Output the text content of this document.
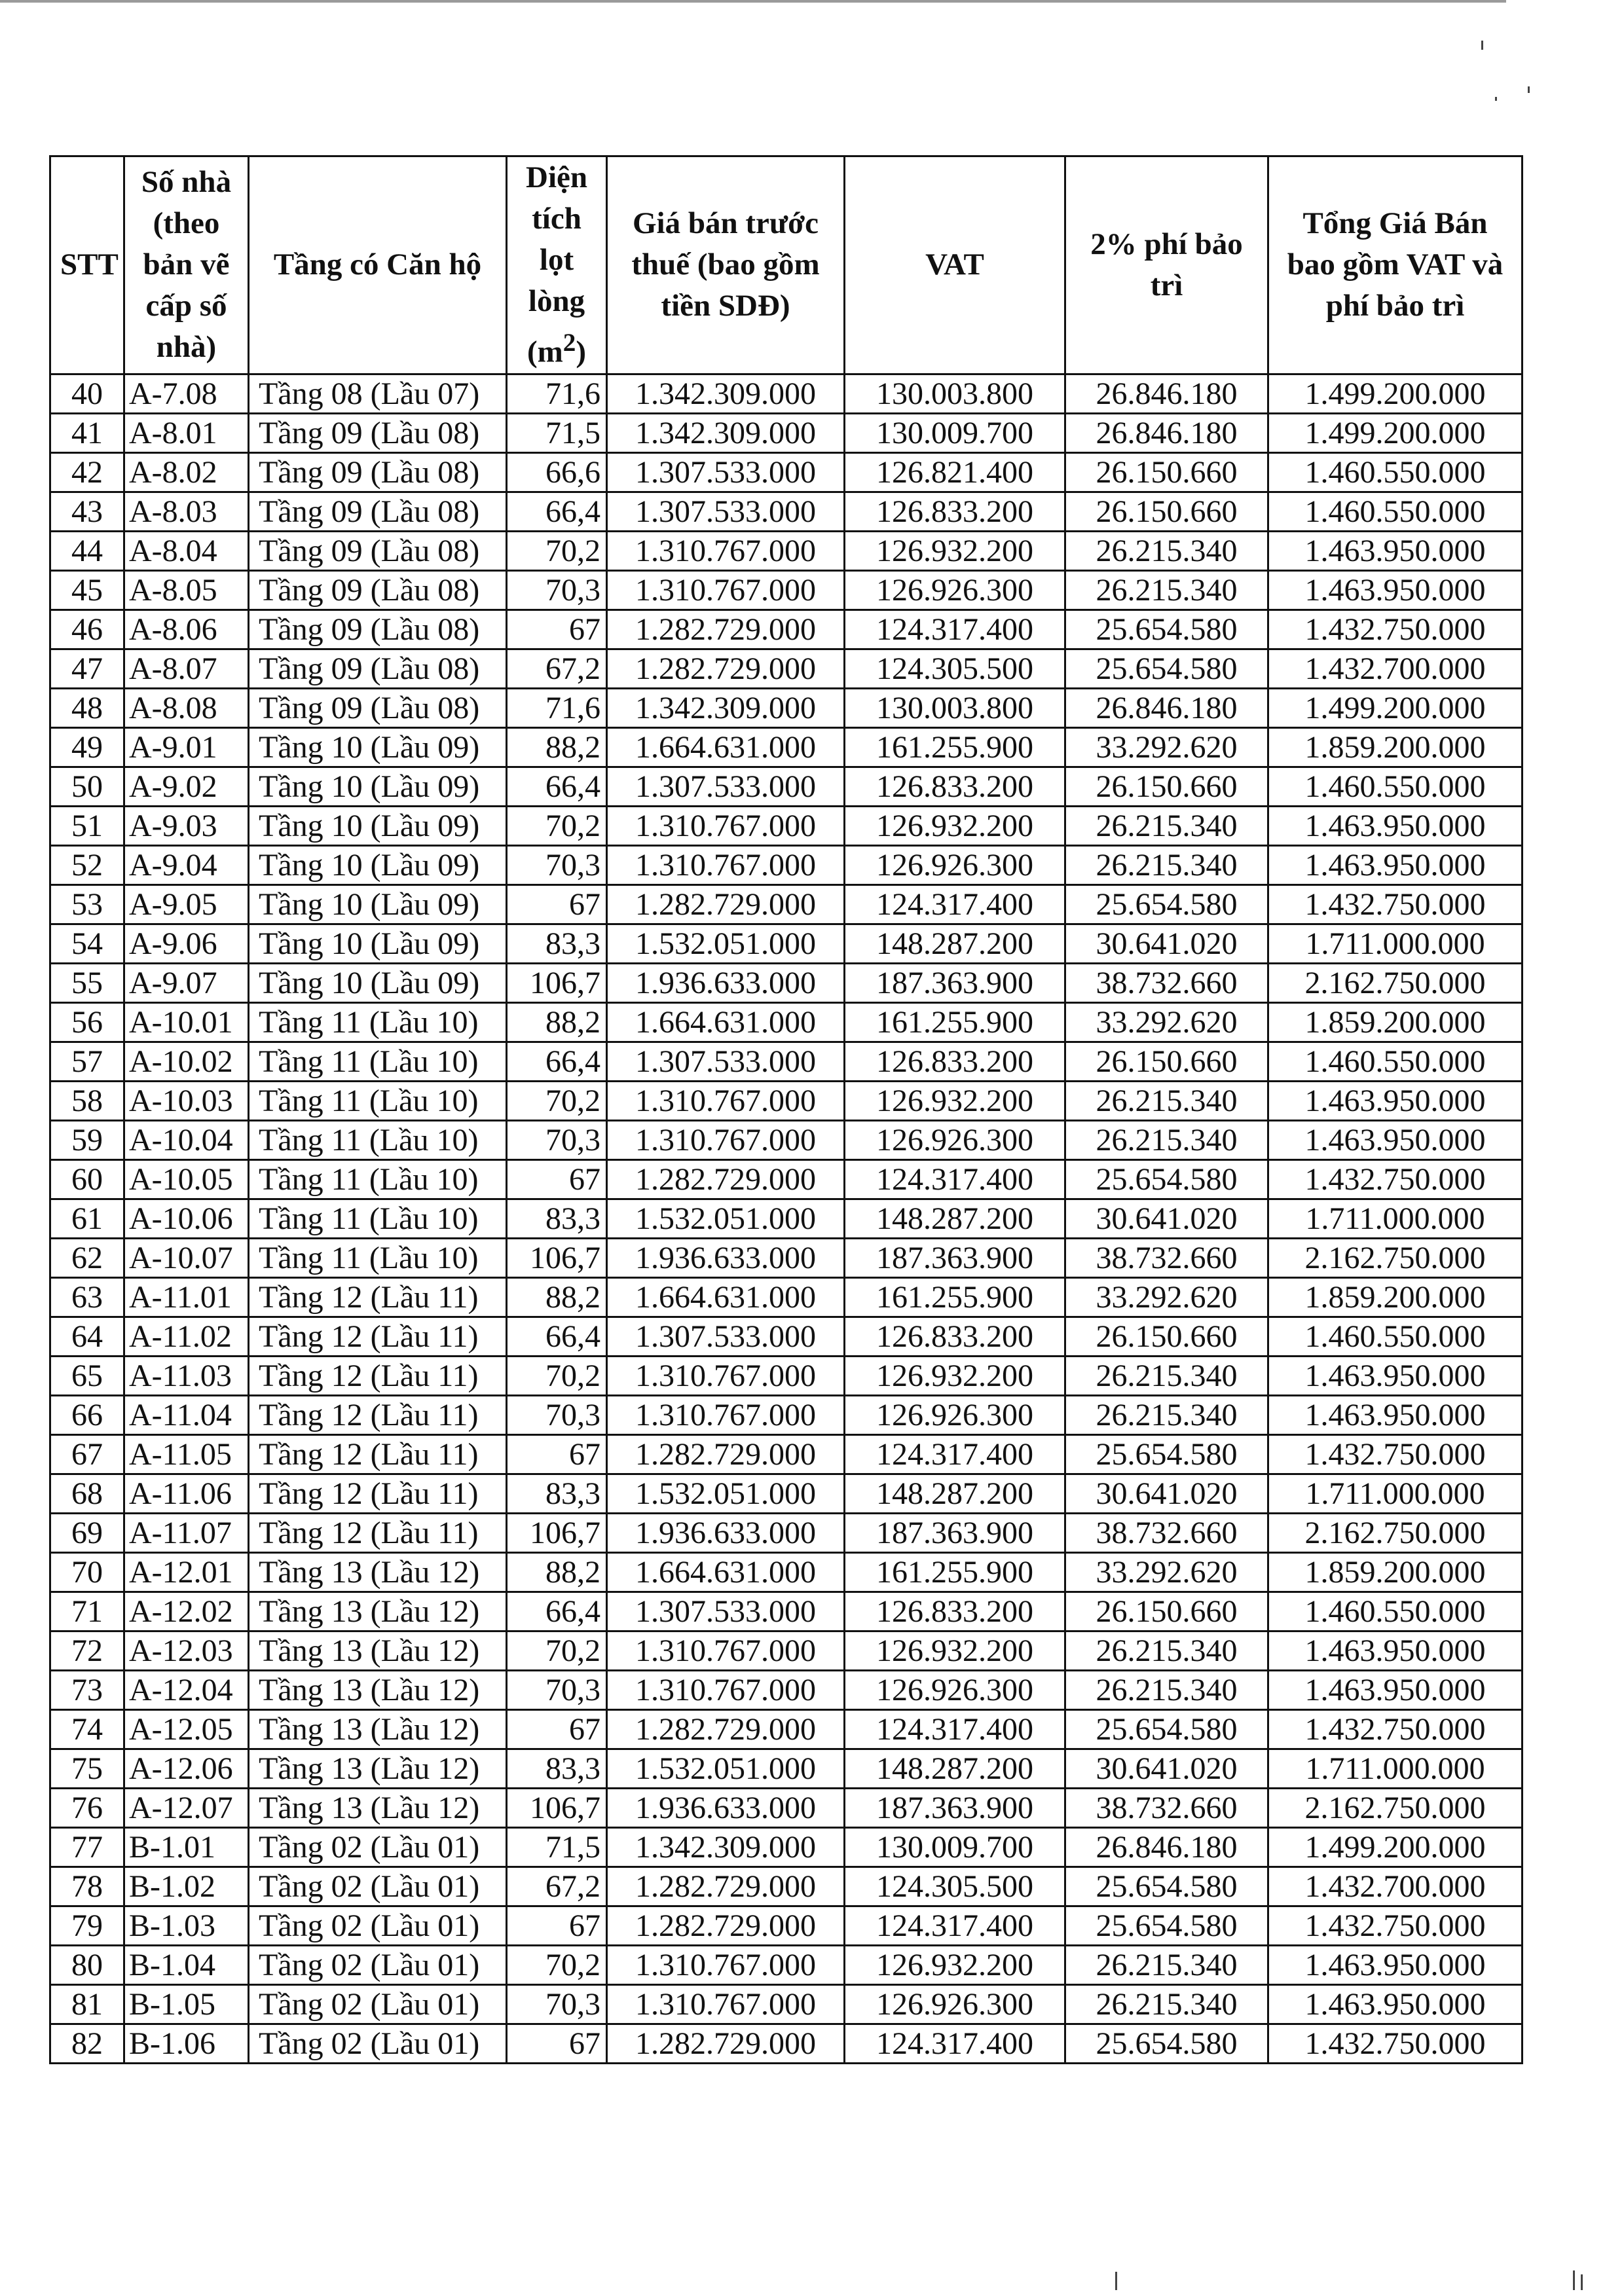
STT	Số nhà (theo bản vẽ cấp số nhà)	Tầng có Căn hộ	Diện tích lọt lòng $(m^2)$	Giá bán trước thuế (bao gồm tiền SDĐ)	VAT	2% phí bảo trì	Tổng Giá Bán bao gồm VAT và phí bảo trì
40	A-7.08	Tầng 08 (Lầu 07)	71,6	1.342.309.000	130.003.800	26.846.180	1.499.200.000
41	A-8.01	Tầng 09 (Lầu 08)	71,5	1.342.309.000	130.009.700	26.846.180	1.499.200.000
42	A-8.02	Tầng 09 (Lầu 08)	66,6	1.307.533.000	126.821.400	26.150.660	1.460.550.000
43	A-8.03	Tầng 09 (Lầu 08)	66,4	1.307.533.000	126.833.200	26.150.660	1.460.550.000
44	A-8.04	Tầng 09 (Lầu 08)	70,2	1.310.767.000	126.932.200	26.215.340	1.463.950.000
45	A-8.05	Tầng 09 (Lầu 08)	70,3	1.310.767.000	126.926.300	26.215.340	1.463.950.000
46	A-8.06	Tầng 09 (Lầu 08)	67	1.282.729.000	124.317.400	25.654.580	1.432.750.000
47	A-8.07	Tầng 09 (Lầu 08)	67,2	1.282.729.000	124.305.500	25.654.580	1.432.700.000
48	A-8.08	Tầng 09 (Lầu 08)	71,6	1.342.309.000	130.003.800	26.846.180	1.499.200.000
49	A-9.01	Tầng 10 (Lầu 09)	88,2	1.664.631.000	161.255.900	33.292.620	1.859.200.000
50	A-9.02	Tầng 10 (Lầu 09)	66,4	1.307.533.000	126.833.200	26.150.660	1.460.550.000
51	A-9.03	Tầng 10 (Lầu 09)	70,2	1.310.767.000	126.932.200	26.215.340	1.463.950.000
52	A-9.04	Tầng 10 (Lầu 09)	70,3	1.310.767.000	126.926.300	26.215.340	1.463.950.000
53	A-9.05	Tầng 10 (Lầu 09)	67	1.282.729.000	124.317.400	25.654.580	1.432.750.000
54	A-9.06	Tầng 10 (Lầu 09)	83,3	1.532.051.000	148.287.200	30.641.020	1.711.000.000
55	A-9.07	Tầng 10 (Lầu 09)	106,7	1.936.633.000	187.363.900	38.732.660	2.162.750.000
56	A-10.01	Tầng 11 (Lầu 10)	88,2	1.664.631.000	161.255.900	33.292.620	1.859.200.000
57	A-10.02	Tầng 11 (Lầu 10)	66,4	1.307.533.000	126.833.200	26.150.660	1.460.550.000
58	A-10.03	Tầng 11 (Lầu 10)	70,2	1.310.767.000	126.932.200	26.215.340	1.463.950.000
59	A-10.04	Tầng 11 (Lầu 10)	70,3	1.310.767.000	126.926.300	26.215.340	1.463.950.000
60	A-10.05	Tầng 11 (Lầu 10)	67	1.282.729.000	124.317.400	25.654.580	1.432.750.000
61	A-10.06	Tầng 11 (Lầu 10)	83,3	1.532.051.000	148.287.200	30.641.020	1.711.000.000
62	A-10.07	Tầng 11 (Lầu 10)	106,7	1.936.633.000	187.363.900	38.732.660	2.162.750.000
63	A-11.01	Tầng 12 (Lầu 11)	88,2	1.664.631.000	161.255.900	33.292.620	1.859.200.000
64	A-11.02	Tầng 12 (Lầu 11)	66,4	1.307.533.000	126.833.200	26.150.660	1.460.550.000
65	A-11.03	Tầng 12 (Lầu 11)	70,2	1.310.767.000	126.932.200	26.215.340	1.463.950.000
66	A-11.04	Tầng 12 (Lầu 11)	70,3	1.310.767.000	126.926.300	26.215.340	1.463.950.000
67	A-11.05	Tầng 12 (Lầu 11)	67	1.282.729.000	124.317.400	25.654.580	1.432.750.000
68	A-11.06	Tầng 12 (Lầu 11)	83,3	1.532.051.000	148.287.200	30.641.020	1.711.000.000
69	A-11.07	Tầng 12 (Lầu 11)	106,7	1.936.633.000	187.363.900	38.732.660	2.162.750.000
70	A-12.01	Tầng 13 (Lầu 12)	88,2	1.664.631.000	161.255.900	33.292.620	1.859.200.000
71	A-12.02	Tầng 13 (Lầu 12)	66,4	1.307.533.000	126.833.200	26.150.660	1.460.550.000
72	A-12.03	Tầng 13 (Lầu 12)	70,2	1.310.767.000	126.932.200	26.215.340	1.463.950.000
73	A-12.04	Tầng 13 (Lầu 12)	70,3	1.310.767.000	126.926.300	26.215.340	1.463.950.000
74	A-12.05	Tầng 13 (Lầu 12)	67	1.282.729.000	124.317.400	25.654.580	1.432.750.000
75	A-12.06	Tầng 13 (Lầu 12)	83,3	1.532.051.000	148.287.200	30.641.020	1.711.000.000
76	A-12.07	Tầng 13 (Lầu 12)	106,7	1.936.633.000	187.363.900	38.732.660	2.162.750.000
77	B-1.01	Tầng 02 (Lầu 01)	71,5	1.342.309.000	130.009.700	26.846.180	1.499.200.000
78	B-1.02	Tầng 02 (Lầu 01)	67,2	1.282.729.000	124.305.500	25.654.580	1.432.700.000
79	B-1.03	Tầng 02 (Lầu 01)	67	1.282.729.000	124.317.400	25.654.580	1.432.750.000
80	B-1.04	Tầng 02 (Lầu 01)	70,2	1.310.767.000	126.932.200	26.215.340	1.463.950.000
81	B-1.05	Tầng 02 (Lầu 01)	70,3	1.310.767.000	126.926.300	26.215.340	1.463.950.000
82	B-1.06	Tầng 02 (Lầu 01)	67	1.282.729.000	124.317.400	25.654.580	1.432.750.000
